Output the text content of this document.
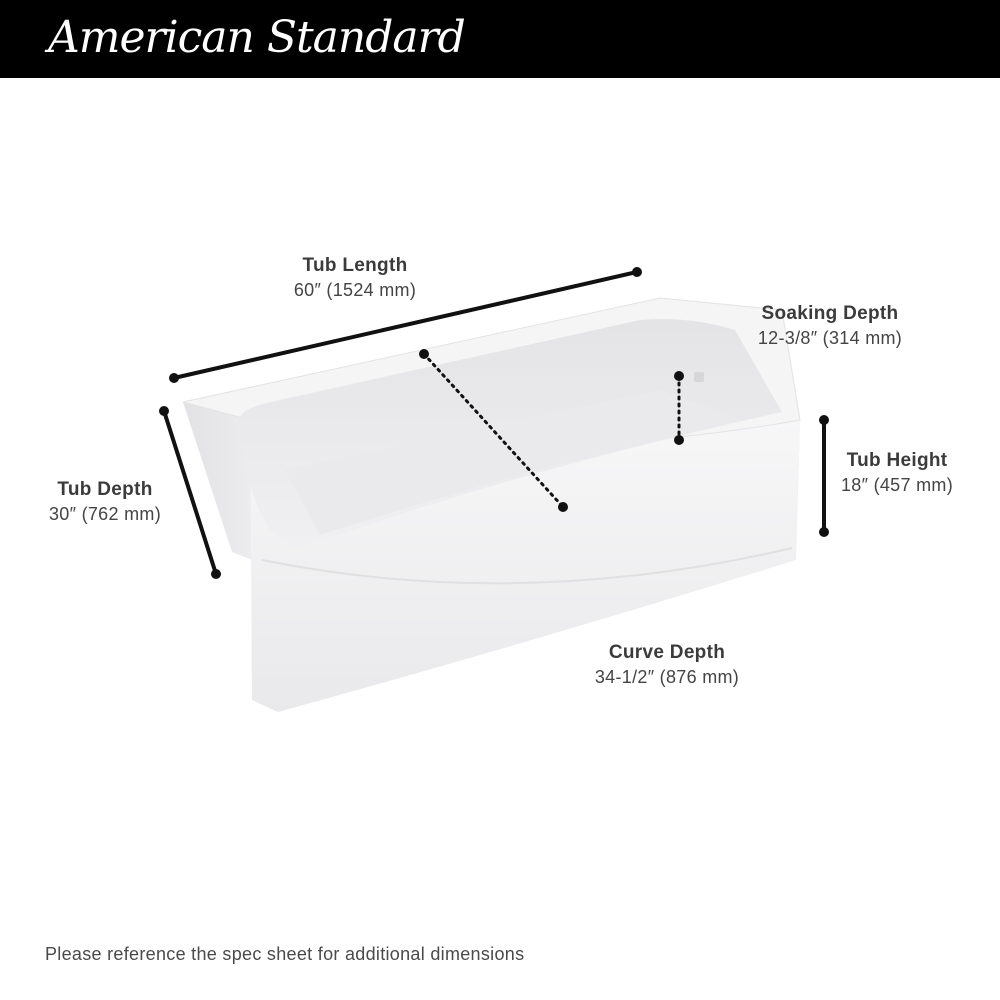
American Standard
Tub Length
60″ (1524 mm)
Soaking Depth
12-3/8″ (314 mm)
Tub Depth
30″ (762 mm)
Tub Height
18″ (457 mm)
Curve Depth
34-1/2″ (876 mm)
Please reference the spec sheet for additional dimensions
